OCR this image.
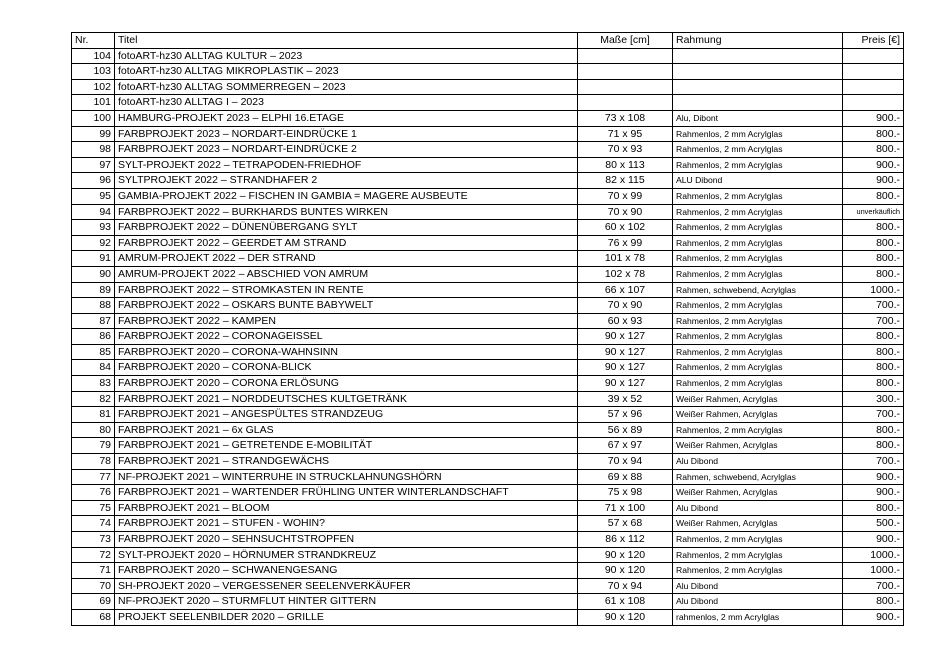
Nr.	Titel	Maße [cm]	Rahmung	Preis [€]
104	fotoART-hz30 ALLTAG KULTUR – 2023			
103	fotoART-hz30 ALLTAG MIKROPLASTIK – 2023			
102	fotoART-hz30 ALLTAG SOMMERREGEN – 2023			
101	fotoART-hz30 ALLTAG I – 2023			
100	HAMBURG-PROJEKT 2023 – ELPHI 16.ETAGE	73 x 108	Alu, Dibont	900.-
99	FARBPROJEKT 2023 – NORDART-EINDRÜCKE 1	71 x 95	Rahmenlos, 2 mm Acrylglas	800.-
98	FARBPROJEKT 2023 – NORDART-EINDRÜCKE 2	70 x 93	Rahmenlos, 2 mm Acrylglas	800.-
97	SYLT-PROJEKT 2022 – TETRAPODEN-FRIEDHOF	80 x 113	Rahmenlos, 2 mm Acrylglas	900.-
96	SYLTPROJEKT 2022 – STRANDHAFER 2	82 x 115	ALU Dibond	900.-
95	GAMBIA-PROJEKT 2022 – FISCHEN IN GAMBIA = MAGERE AUSBEUTE	70 x 99	Rahmenlos, 2 mm Acrylglas	800.-
94	FARBPROJEKT 2022 – BURKHARDS BUNTES WIRKEN	70 x 90	Rahmenlos, 2 mm Acrylglas	unverkäuflich
93	FARBPROJEKT 2022 – DÜNENÜBERGANG SYLT	60 x 102	Rahmenlos, 2 mm Acrylglas	800.-
92	FARBPROJEKT 2022 – GEERDET AM STRAND	76 x 99	Rahmenlos, 2 mm Acrylglas	800.-
91	AMRUM-PROJEKT 2022 – DER STRAND	101 x 78	Rahmenlos, 2 mm Acrylglas	800.-
90	AMRUM-PROJEKT 2022 – ABSCHIED VON AMRUM	102 x 78	Rahmenlos, 2 mm Acrylglas	800.-
89	FARBPROJEKT 2022 – STROMKASTEN IN RENTE	66 x 107	Rahmen, schwebend, Acrylglas	1000.-
88	FARBPROJEKT 2022 – OSKARS BUNTE BABYWELT	70 x 90	Rahmenlos, 2 mm Acrylglas	700.-
87	FARBPROJEKT 2022 – KAMPEN	60 x 93	Rahmenlos, 2 mm Acrylglas	700.-
86	FARBPROJEKT 2022 – CORONAGEISSEL	90 x 127	Rahmenlos, 2 mm Acrylglas	800.-
85	FARBPROJEKT 2020 – CORONA-WAHNSINN	90 x 127	Rahmenlos, 2 mm Acrylglas	800.-
84	FARBPROJEKT 2020 – CORONA-BLICK	90 x 127	Rahmenlos, 2 mm Acrylglas	800.-
83	FARBPROJEKT 2020 – CORONA ERLÖSUNG	90 x 127	Rahmenlos, 2 mm Acrylglas	800.-
82	FARBPROJEKT 2021 – NORDDEUTSCHES KULTGETRÄNK	39 x 52	Weißer Rahmen, Acrylglas	300.-
81	FARBPROJEKT 2021 – ANGESPÜLTES STRANDZEUG	57 x 96	Weißer Rahmen, Acrylglas	700.-
80	FARBPROJEKT 2021 – 6x GLAS	56 x 89	Rahmenlos, 2 mm Acrylglas	800.-
79	FARBPROJEKT 2021 – GETRETENDE E-MOBILITÄT	67 x 97	Weißer Rahmen, Acrylglas	800.-
78	FARBPROJEKT 2021 – STRANDGEWÄCHS	70 x 94	Alu Dibond	700.-
77	NF-PROJEKT 2021 – WINTERRUHE IN STRUCKLAHNUNGSHÖRN	69 x 88	Rahmen, schwebend, Acrylglas	900.-
76	FARBPROJEKT 2021 – WARTENDER FRÜHLING UNTER WINTERLANDSCHAFT	75 x 98	Weißer Rahmen, Acrylglas	900.-
75	FARBPROJEKT 2021 – BLOOM	71 x 100	Alu Dibond	800.-
74	FARBPROJEKT 2021 – STUFEN - WOHIN?	57 x 68	Weißer Rahmen, Acrylglas	500.-
73	FARBPROJEKT 2020 – SEHNSUCHTSTROPFEN	86 x 112	Rahmenlos, 2 mm Acrylglas	900.-
72	SYLT-PROJEKT 2020 – HÖRNUMER STRANDKREUZ	90 x 120	Rahmenlos, 2 mm Acrylglas	1000.-
71	FARBPROJEKT 2020 – SCHWANENGESANG	90 x 120	Rahmenlos, 2 mm Acrylglas	1000.-
70	SH-PROJEKT 2020 – VERGESSENER SEELENVERKÄUFER	70 x 94	Alu Dibond	700.-
69	NF-PROJEKT 2020 – STURMFLUT HINTER GITTERN	61 x 108	Alu Dibond	800.-
68	PROJEKT SEELENBILDER 2020 – GRILLE	90 x 120	rahmenlos, 2 mm Acrylglas	900.-
